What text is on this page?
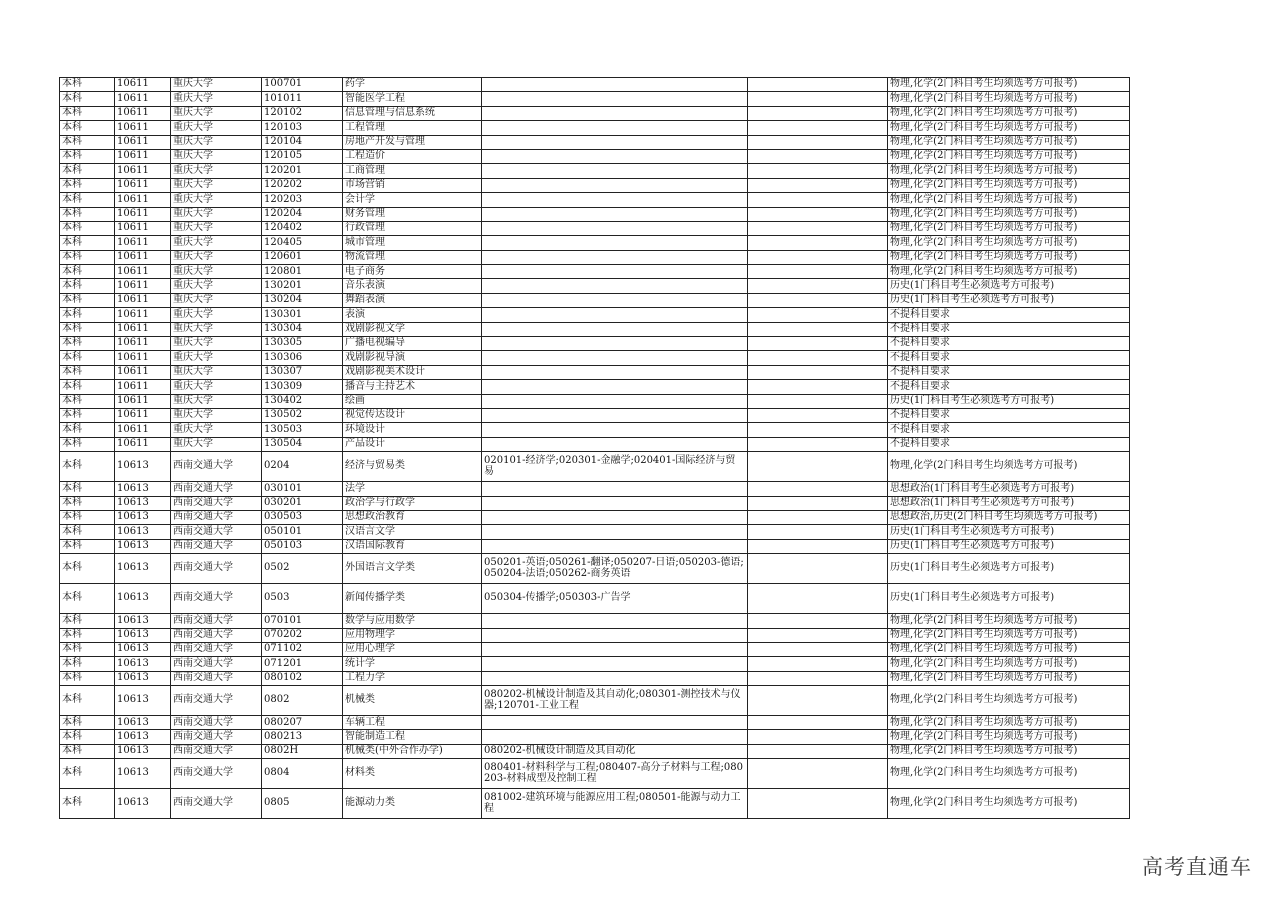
本科	10611	重庆大学	100701	药学			物理,化学(2门科目考生均须选考方可报考)
本科	10611	重庆大学	101011	智能医学工程			物理,化学(2门科目考生均须选考方可报考)
本科	10611	重庆大学	120102	信息管理与信息系统			物理,化学(2门科目考生均须选考方可报考)
本科	10611	重庆大学	120103	工程管理			物理,化学(2门科目考生均须选考方可报考)
本科	10611	重庆大学	120104	房地产开发与管理			物理,化学(2门科目考生均须选考方可报考)
本科	10611	重庆大学	120105	工程造价			物理,化学(2门科目考生均须选考方可报考)
本科	10611	重庆大学	120201	工商管理			物理,化学(2门科目考生均须选考方可报考)
本科	10611	重庆大学	120202	市场营销			物理,化学(2门科目考生均须选考方可报考)
本科	10611	重庆大学	120203	会计学			物理,化学(2门科目考生均须选考方可报考)
本科	10611	重庆大学	120204	财务管理			物理,化学(2门科目考生均须选考方可报考)
本科	10611	重庆大学	120402	行政管理			物理,化学(2门科目考生均须选考方可报考)
本科	10611	重庆大学	120405	城市管理			物理,化学(2门科目考生均须选考方可报考)
本科	10611	重庆大学	120601	物流管理			物理,化学(2门科目考生均须选考方可报考)
本科	10611	重庆大学	120801	电子商务			物理,化学(2门科目考生均须选考方可报考)
本科	10611	重庆大学	130201	音乐表演			历史(1门科目考生必须选考方可报考)
本科	10611	重庆大学	130204	舞蹈表演			历史(1门科目考生必须选考方可报考)
本科	10611	重庆大学	130301	表演			不提科目要求
本科	10611	重庆大学	130304	戏剧影视文学			不提科目要求
本科	10611	重庆大学	130305	广播电视编导			不提科目要求
本科	10611	重庆大学	130306	戏剧影视导演			不提科目要求
本科	10611	重庆大学	130307	戏剧影视美术设计			不提科目要求
本科	10611	重庆大学	130309	播音与主持艺术			不提科目要求
本科	10611	重庆大学	130402	绘画			历史(1门科目考生必须选考方可报考)
本科	10611	重庆大学	130502	视觉传达设计			不提科目要求
本科	10611	重庆大学	130503	环境设计			不提科目要求
本科	10611	重庆大学	130504	产品设计			不提科目要求
本科	10613	西南交通大学	0204	经济与贸易类	020101-经济学;020301-金融学;020401-国际经济与贸易		物理,化学(2门科目考生均须选考方可报考)
本科	10613	西南交通大学	030101	法学			思想政治(1门科目考生必须选考方可报考)
本科	10613	西南交通大学	030201	政治学与行政学			思想政治(1门科目考生必须选考方可报考)
本科	10613	西南交通大学	030503	思想政治教育			思想政治,历史(2门科目考生均须选考方可报考)
本科	10613	西南交通大学	050101	汉语言文学			历史(1门科目考生必须选考方可报考)
本科	10613	西南交通大学	050103	汉语国际教育			历史(1门科目考生必须选考方可报考)
本科	10613	西南交通大学	0502	外国语言文学类	050201-英语;050261-翻译;050207-日语;050203-德语;050204-法语;050262-商务英语		历史(1门科目考生必须选考方可报考)
本科	10613	西南交通大学	0503	新闻传播学类	050304-传播学;050303-广告学		历史(1门科目考生必须选考方可报考)
本科	10613	西南交通大学	070101	数学与应用数学			物理,化学(2门科目考生均须选考方可报考)
本科	10613	西南交通大学	070202	应用物理学			物理,化学(2门科目考生均须选考方可报考)
本科	10613	西南交通大学	071102	应用心理学			物理,化学(2门科目考生均须选考方可报考)
本科	10613	西南交通大学	071201	统计学			物理,化学(2门科目考生均须选考方可报考)
本科	10613	西南交通大学	080102	工程力学			物理,化学(2门科目考生均须选考方可报考)
本科	10613	西南交通大学	0802	机械类	080202-机械设计制造及其自动化;080301-测控技术与仪器;120701-工业工程		物理,化学(2门科目考生均须选考方可报考)
本科	10613	西南交通大学	080207	车辆工程			物理,化学(2门科目考生均须选考方可报考)
本科	10613	西南交通大学	080213	智能制造工程			物理,化学(2门科目考生均须选考方可报考)
本科	10613	西南交通大学	0802H	机械类(中外合作办学)	080202-机械设计制造及其自动化		物理,化学(2门科目考生均须选考方可报考)
本科	10613	西南交通大学	0804	材料类	080401-材料科学与工程;080407-高分子材料与工程;080203-材料成型及控制工程		物理,化学(2门科目考生均须选考方可报考)
本科	10613	西南交通大学	0805	能源动力类	081002-建筑环境与能源应用工程;080501-能源与动力工程		物理,化学(2门科目考生均须选考方可报考)
高考直通车
